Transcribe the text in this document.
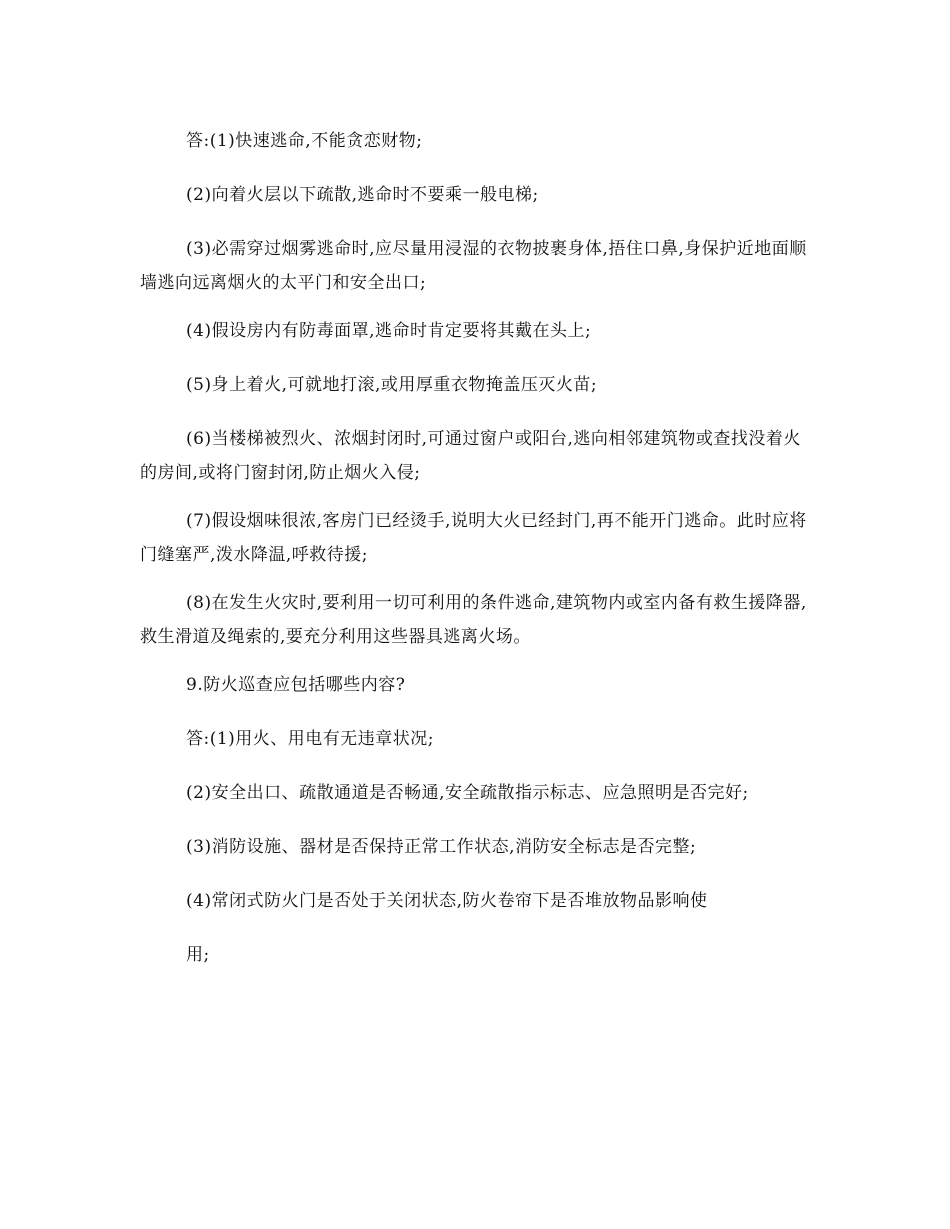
答:(1)快速逃命,不能贪恋财物;

(2)向着火层以下疏散,逃命时不要乘一般电梯;

(3)必需穿过烟雾逃命时,应尽量用浸湿的衣物披裹身体,捂住口鼻,身保护近地面顺墙逃向远离烟火的太平门和安全出口;

(4)假设房内有防毒面罩,逃命时肯定要将其戴在头上;

(5)身上着火,可就地打滚,或用厚重衣物掩盖压灭火苗;

(6)当楼梯被烈火、浓烟封闭时,可通过窗户或阳台,逃向相邻建筑物或查找没着火的房间,或将门窗封闭,防止烟火入侵;

(7)假设烟味很浓,客房门已经烫手,说明大火已经封门,再不能开门逃命。此时应将门缝塞严,泼水降温,呼救待援;

(8)在发生火灾时,要利用一切可利用的条件逃命,建筑物内或室内备有救生援降器,救生滑道及绳索的,要充分利用这些器具逃离火场。

9.防火巡查应包括哪些内容?

答:(1)用火、用电有无违章状况;

(2)安全出口、疏散通道是否畅通,安全疏散指示标志、应急照明是否完好;

(3)消防设施、器材是否保持正常工作状态,消防安全标志是否完整;

(4)常闭式防火门是否处于关闭状态,防火卷帘下是否堆放物品影响使

用;
